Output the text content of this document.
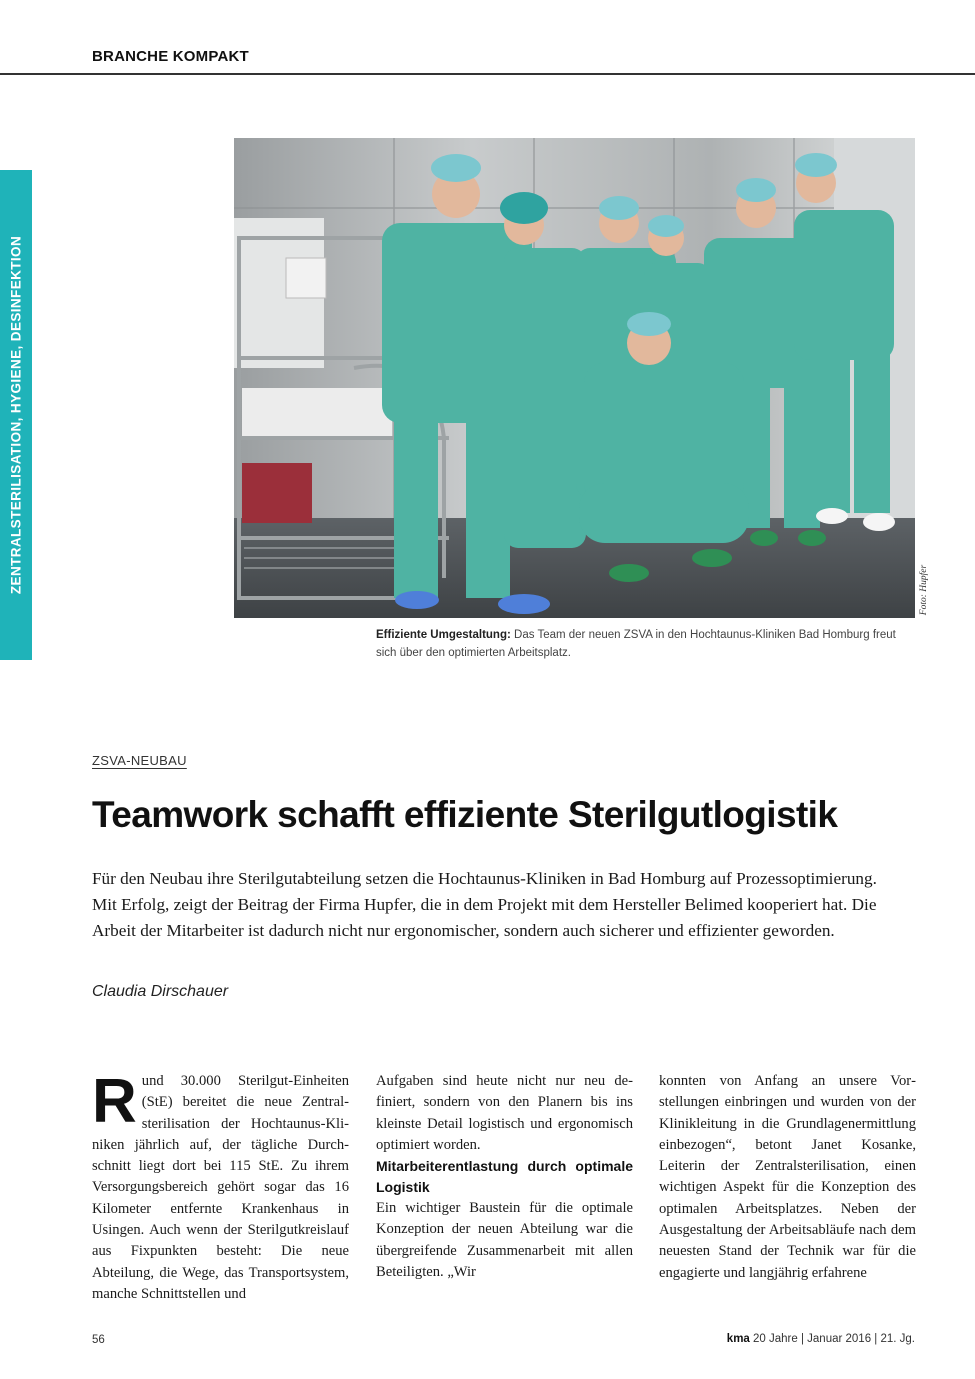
BRANCHE KOMPAKT
ZENTRALSTERILISATION, HYGIENE, DESINFEKTION	Foto: Hupfer
Effiziente Umgestaltung: Das Team der neuen ZSVA in den Hochtaunus-Kliniken Bad Homburg freut sich über den optimierten Arbeitsplatz.
ZSVA-NEUBAU
Teamwork schafft effiziente Sterilgutlogistik

Für den Neubau ihre Sterilgutabteilung setzen die Hochtaunus-Kliniken in Bad Homburg auf Prozessoptimierung. Mit Erfolg, zeigt der Beitrag der Firma Hupfer, die in dem Projekt mit dem Hersteller Belimed kooperiert hat. Die Arbeit der Mitarbeiter ist dadurch nicht nur ergonomischer, sondern auch sicherer und effizienter geworden.

Claudia Dirschauer
R und 30.000 Sterilgut-Einheiten (StE) bereitet die neue Zentralsterilisation der Hochtaunus-Kliniken jährlich auf, der tägliche Durchschnitt liegt dort bei 115 StE. Zu ihrem Versorgungsbereich gehört sogar das 16 Kilometer entfernte Krankenhaus in Usingen. Auch wenn der Sterilgutkreislauf aus Fixpunkten besteht: Die neue Abteilung, die Wege, das Transportsystem, manche Schnittstellen und

Aufgaben sind heute nicht nur neu definiert, sondern von den Planern bis ins kleinste Detail logistisch und ergonomisch optimiert worden.

Mitarbeiterentlastung durch optimale Logistik

Ein wichtiger Baustein für die optimale Konzeption der neuen Abteilung war die übergreifende Zusammenarbeit mit allen Beteiligten. „Wir

konnten von Anfang an unsere Vorstellungen einbringen und wurden von der Klinikleitung in die Grundlagenermittlung einbezogen“, betont Janet Kosanke, Leiterin der Zentralsterilisation, einen wichtigen Aspekt für die Konzeption des optimalen Arbeitsplatzes. Neben der Ausgestaltung der Arbeitsabläufe nach dem neuesten Stand der Technik war für die engagierte und langjährig erfahrene

56	kma 20 Jahre | Januar 2016 | 21. Jg.
